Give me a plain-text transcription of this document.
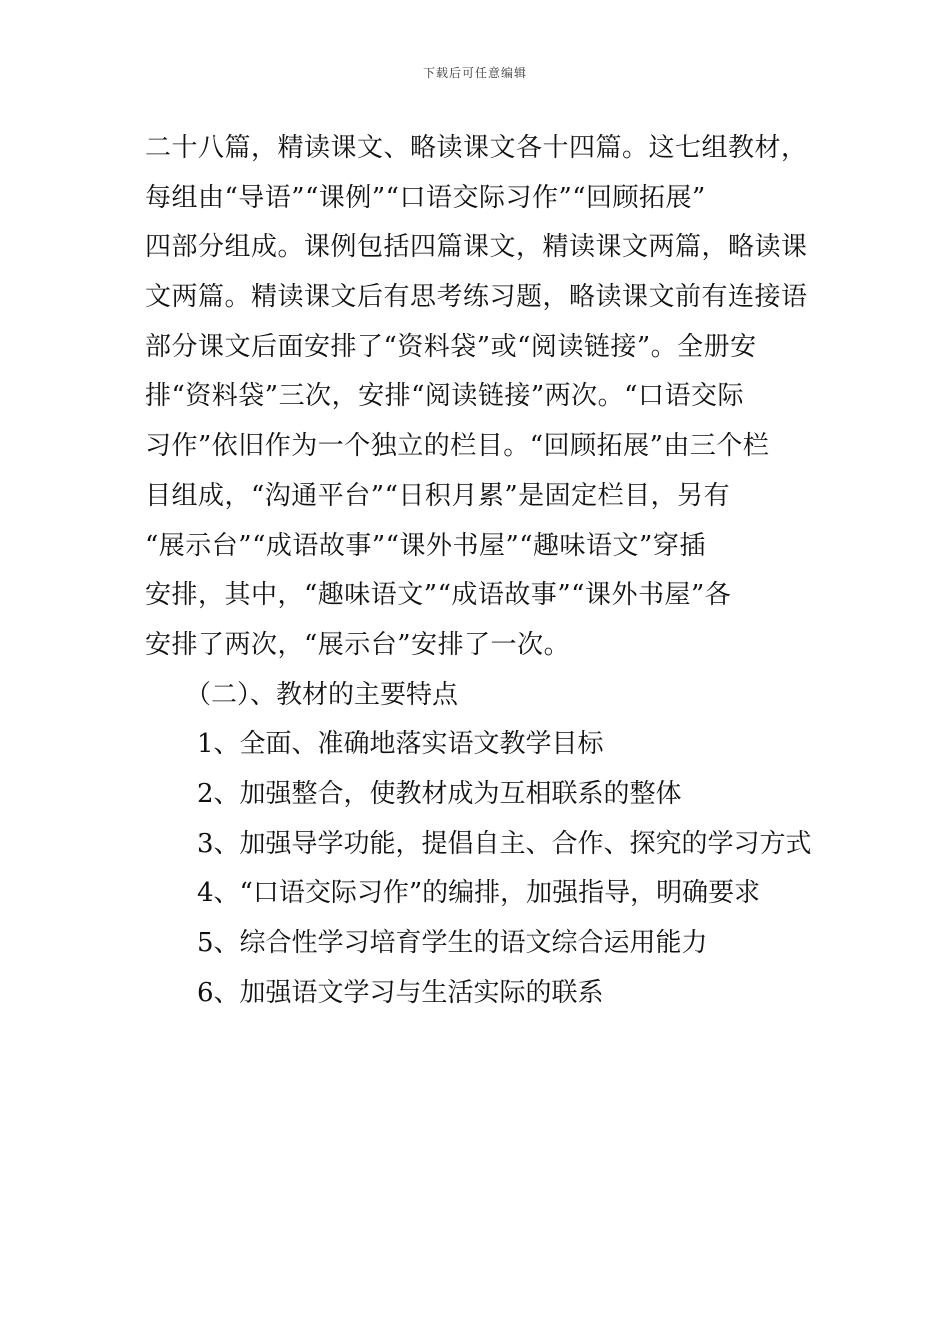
下载后可任意编辑
二十八篇，精读课文、略读课文各十四篇。这七组教材，
每组由“导语”“课例”“口语交际习作”“回顾拓展”
四部分组成。课例包括四篇课文，精读课文两篇，略读课
文两篇。精读课文后有思考练习题，略读课文前有连接语
部分课文后面安排了“资料袋”或“阅读链接”。全册安
排“资料袋”三次，安排“阅读链接”两次。“口语交际
习作”依旧作为一个独立的栏目。“回顾拓展”由三个栏
目组成，“沟通平台”“日积月累”是固定栏目，另有
“展示台”“成语故事”“课外书屋”“趣味语文”穿插
安排，其中，“趣味语文”“成语故事”“课外书屋”各
安排了两次，“展示台”安排了一次。
（二）、教材的主要特点
1、全面、准确地落实语文教学目标
2、加强整合，使教材成为互相联系的整体
3、加强导学功能，提倡自主、合作、探究的学习方式
4、“口语交际习作”的编排，加强指导，明确要求
5、综合性学习培育学生的语文综合运用能力
6、加强语文学习与生活实际的联系
